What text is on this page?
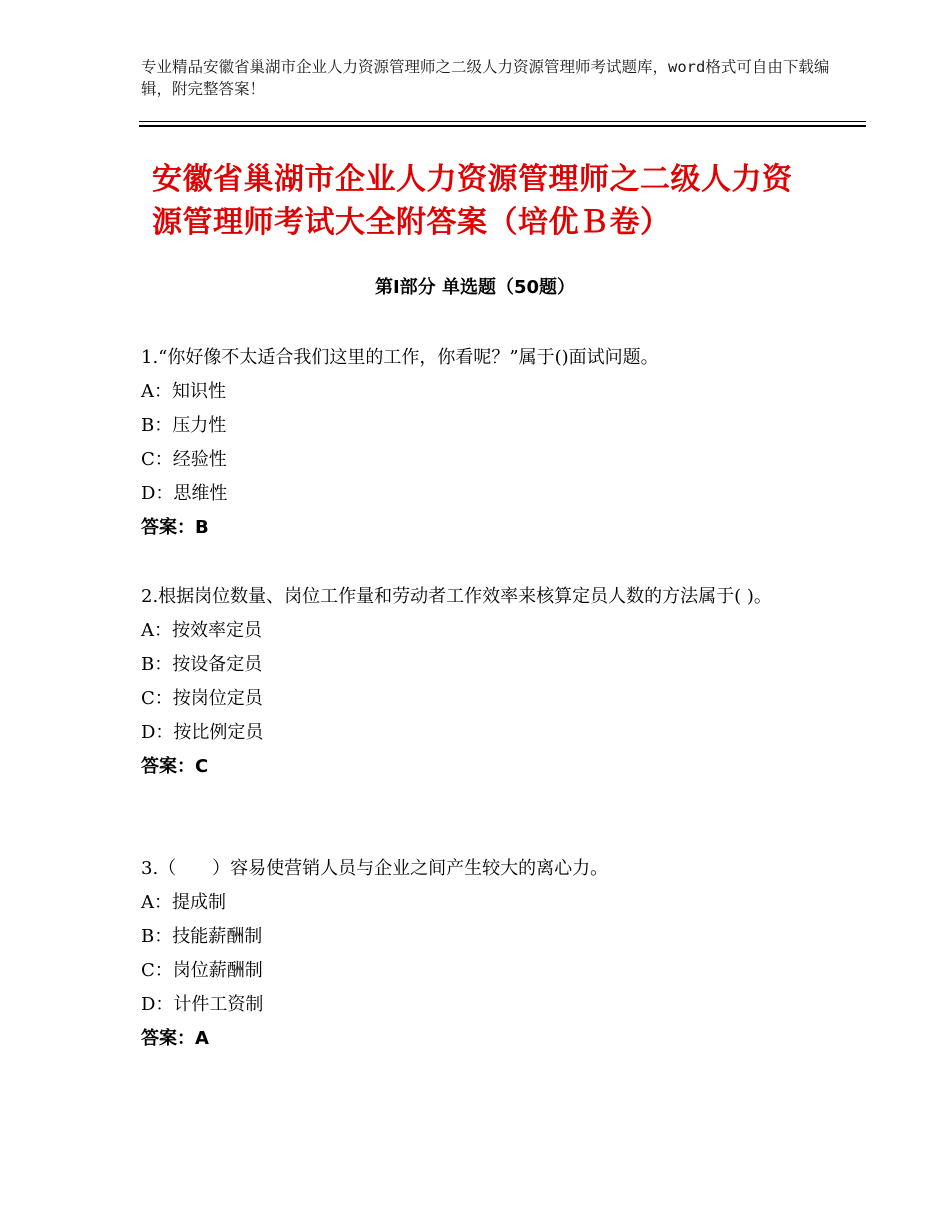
专业精品安徽省巢湖市企业人力资源管理师之二级人力资源管理师考试题库，word格式可自由下载编辑，附完整答案！
安徽省巢湖市企业人力资源管理师之二级人力资源管理师考试大全附答案（培优Ｂ卷）
第Ⅰ部分 单选题（50题）

1.“你好像不太适合我们这里的工作，你看呢？”属于()面试问题。

A：知识性

B：压力性

C：经验性

D：思维性

答案：B

2.根据岗位数量、岗位工作量和劳动者工作效率来核算定员人数的方法属于( )。

A：按效率定员

B：按设备定员

C：按岗位定员

D：按比例定员

答案：C

3.（　　）容易使营销人员与企业之间产生较大的离心力。

A：提成制

B：技能薪酬制

C：岗位薪酬制

D：计件工资制

答案：A
